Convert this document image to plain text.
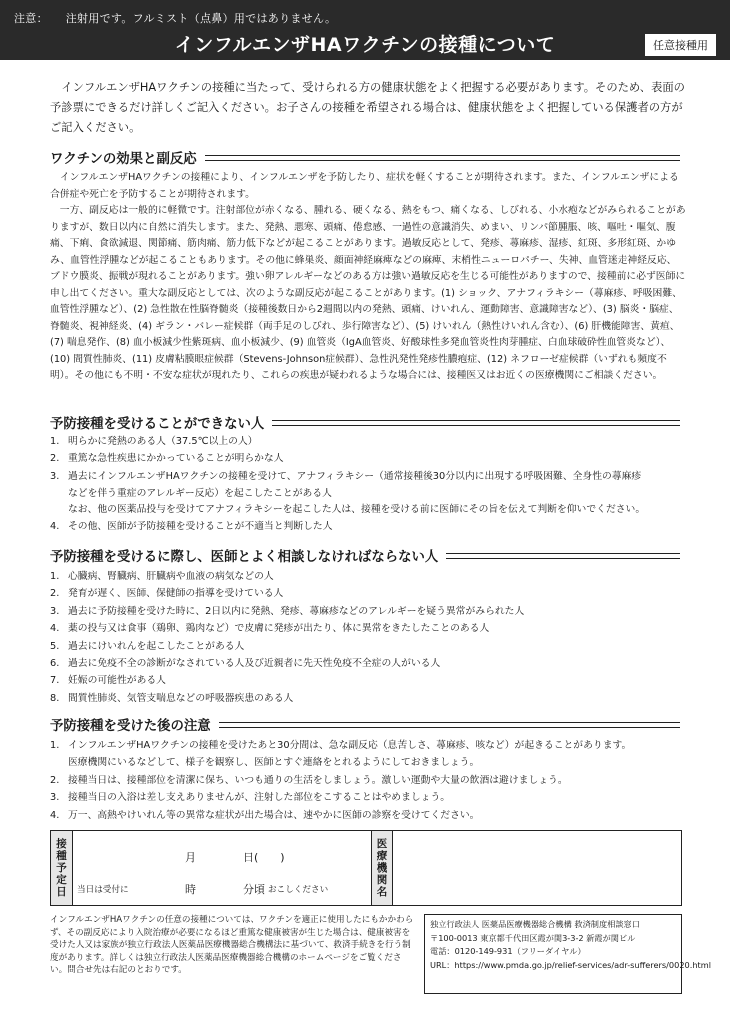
注意： 注射用です。フルミスト（点鼻）用ではありません。
インフルエンザHAワクチンの接種について	任意接種用
インフルエンザHAワクチンの接種に当たって、受けられる方の健康状態をよく把握する必要があります。そのため、表面の予診票にできるだけ詳しくご記入ください。お子さんの接種を希望される場合は、健康状態をよく把握している保護者の方がご記入ください。
ワクチンの効果と副反応

インフルエンザHAワクチンの接種により、インフルエンザを予防したり、症状を軽くすることが期待されます。また、インフルエンザによる合併症や死亡を予防することが期待されます。

一方、副反応は一般的に軽微です。注射部位が赤くなる、腫れる、硬くなる、熱をもつ、痛くなる、しびれる、小水疱などがみられることがありますが、数日以内に自然に消失します。また、発熱、悪寒、頭痛、倦怠感、一過性の意識消失、めまい、リンパ節腫脹、咳、嘔吐・嘔気、腹痛、下痢、食欲減退、関節痛、筋肉痛、筋力低下などが起こることがあります。過敏反応として、発疹、蕁麻疹、湿疹、紅斑、多形紅斑、かゆみ、血管性浮腫などが起こることもあります。その他に蜂巣炎、顔面神経麻痺などの麻痺、末梢性ニューロパチー、失神、血管迷走神経反応、ブドウ膜炎、振戦が現れることがあります。強い卵アレルギーなどのある方は強い過敏反応を生じる可能性がありますので、接種前に必ず医師に申し出てください。重大な副反応としては、次のような副反応が起こることがあります。(1) ショック、アナフィラキシー（蕁麻疹、呼吸困難、血管性浮腫など）、(2) 急性散在性脳脊髄炎（接種後数日から2週間以内の発熱、頭痛、けいれん、運動障害、意識障害など）、(3) 脳炎・脳症、脊髄炎、視神経炎、(4) ギラン・バレー症候群（両手足のしびれ、歩行障害など）、(5) けいれん（熱性けいれん含む）、(6) 肝機能障害、黄疸、(7) 喘息発作、(8) 血小板減少性紫斑病、血小板減少、(9) 血管炎（IgA血管炎、好酸球性多発血管炎性肉芽腫症、白血球破砕性血管炎など）、(10) 間質性肺炎、(11) 皮膚粘膜眼症候群（Stevens-Johnson症候群）、急性汎発性発疹性膿疱症、(12) ネフローゼ症候群（いずれも頻度不明）。その他にも不明・不安な症状が現れたり、これらの疾患が疑われるような場合には、接種医又はお近くの医療機関にご相談ください。

予防接種を受けることができない人
1. 明らかに発熱のある人（37.5℃以上の人）
2. 重篤な急性疾患にかかっていることが明らかな人
3. 過去にインフルエンザHAワクチンの接種を受けて、アナフィラキシー（通常接種後30分以内に出現する呼吸困難、全身性の蕁麻疹
などを伴う重症のアレルギー反応）を起こしたことがある人
なお、他の医薬品投与を受けてアナフィラキシーを起こした人は、接種を受ける前に医師にその旨を伝えて判断を仰いでください。
4. その他、医師が予防接種を受けることが不適当と判断した人
予防接種を受けるに際し、医師とよく相談しなければならない人
1. 心臓病、腎臓病、肝臓病や血液の病気などの人
2. 発育が遅く、医師、保健師の指導を受けている人
3. 過去に予防接種を受けた時に、2日以内に発熱、発疹、蕁麻疹などのアレルギーを疑う異常がみられた人
4. 薬の投与又は食事（鶏卵、鶏肉など）で皮膚に発疹が出たり、体に異常をきたしたことのある人
5. 過去にけいれんを起こしたことがある人
6. 過去に免疫不全の診断がなされている人及び近親者に先天性免疫不全症の人がいる人
7. 妊娠の可能性がある人
8. 間質性肺炎、気管支喘息などの呼吸器疾患のある人
予防接種を受けた後の注意
1. インフルエンザHAワクチンの接種を受けたあと30分間は、急な副反応（息苦しさ、蕁麻疹、咳など）が起きることがあります。
医療機関にいるなどして、様子を観察し、医師とすぐ連絡をとれるようにしておきましょう。
2. 接種当日は、接種部位を清潔に保ち、いつも通りの生活をしましょう。激しい運動や大量の飲酒は避けましょう。
3. 接種当日の入浴は差し支えありませんが、注射した部位をこすることはやめましょう。
4. 万一、高熱やけいれん等の異常な症状が出た場合は、速やかに医師の診察を受けてください。
接
種
予
定
日
月	日(　　)
当日は受付に	時	分頃 おこしください
医
療
機
関
名
インフルエンザHAワクチンの任意の接種については、ワクチンを適正に使用したにもかかわらず、その副反応により入院治療が必要になるほど重篤な健康被害が生じた場合は、健康被害を受けた人又は家族が独立行政法人医薬品医療機器総合機構法に基づいて、救済手続きを行う制度があります。詳しくは独立行政法人医薬品医療機器総合機構のホームページをご覧ください。問合せ先は右記のとおりです。
独立行政法人 医薬品医療機器総合機構 救済制度相談窓口
〒100-0013 東京都千代田区霞が関3-3-2 新霞が関ビル
電話：0120-149-931（フリーダイヤル）
URL：https://www.pmda.go.jp/relief-services/adr-sufferers/0020.html
